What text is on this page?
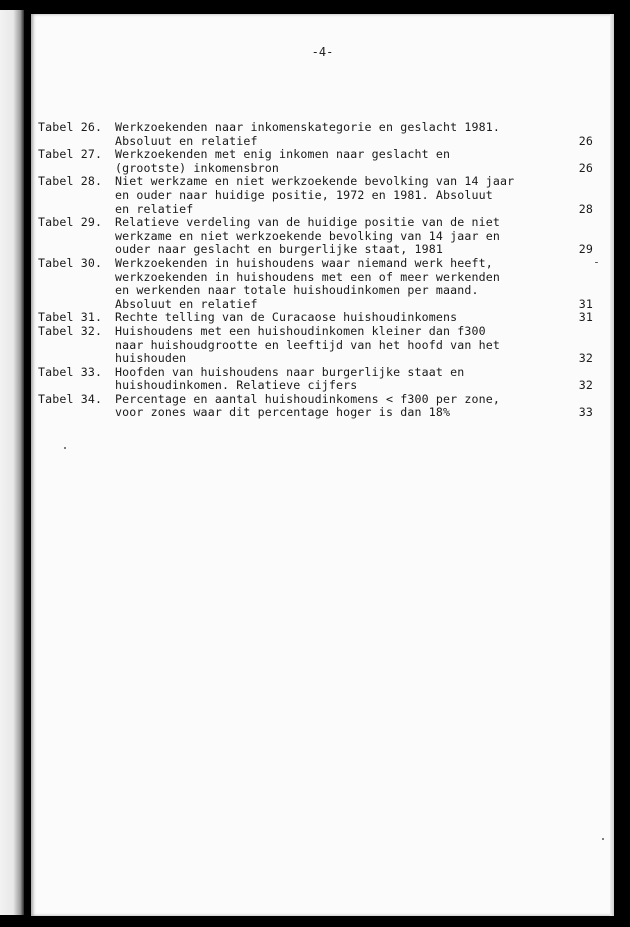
-4-
Tabel 26.	Werkzoekenden naar inkomenskategorie en geslacht 1981.
Absoluut en relatief	26
Tabel 27.	Werkzoekenden met enig inkomen naar geslacht en
(grootste) inkomensbron	26
Tabel 28.	Niet werkzame en niet werkzoekende bevolking van 14 jaar
en ouder naar huidige positie, 1972 en 1981. Absoluut
en relatief	28
Tabel 29.	Relatieve verdeling van de huidige positie van de niet
werkzame en niet werkzoekende bevolking van 14 jaar en
ouder naar geslacht en burgerlijke staat, 1981	29
Tabel 30.	Werkzoekenden in huishoudens waar niemand werk heeft,
werkzoekenden in huishoudens met een of meer werkenden
en werkenden naar totale huishoudinkomen per maand.
Absoluut en relatief	31
Tabel 31.	Rechte telling van de Curacaose huishoudinkomens	31
Tabel 32.	Huishoudens met een huishoudinkomen kleiner dan f300
naar huishoudgrootte en leeftijd van het hoofd van het
huishouden	32
Tabel 33.	Hoofden van huishoudens naar burgerlijke staat en
huishoudinkomen. Relatieve cijfers	32
Tabel 34.	Percentage en aantal huishoudinkomens < f300 per zone,
voor zones waar dit percentage hoger is dan 18%	33
